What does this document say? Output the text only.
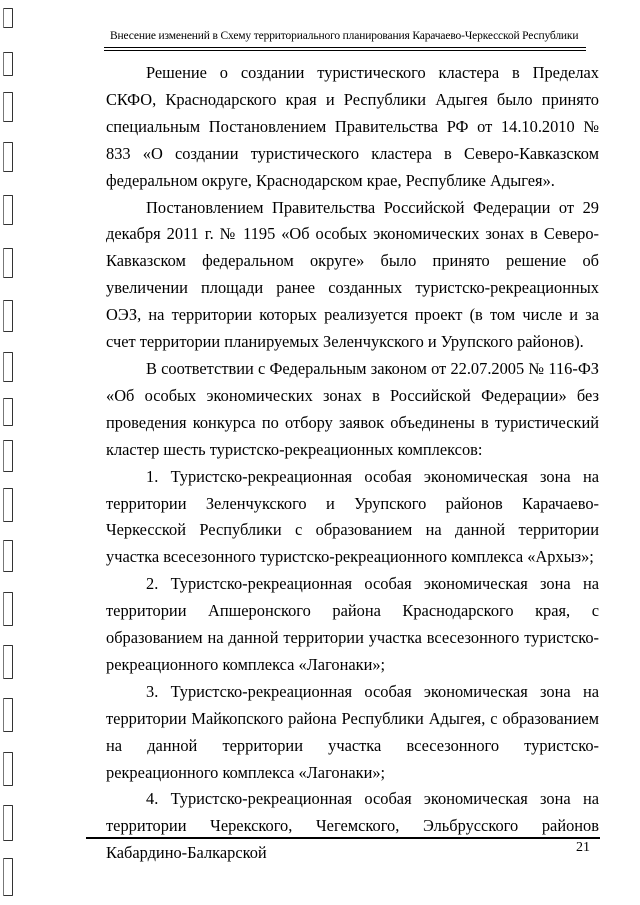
Внесение изменений в Схему территориального планирования Карачаево-Черкесской Республики

Решение о создании туристического кластера в Пределах СКФО, Краснодарского края и Республики Адыгея было принято специальным Постановлением Правительства РФ от 14.10.2010 № 833 «О создании туристического кластера в Северо-Кавказском федеральном округе, Краснодарском крае, Республике Адыгея».

Постановлением Правительства Российской Федерации от 29 декабря 2011 г. № 1195 «Об особых экономических зонах в Северо-Кавказском федеральном округе» было принято решение об увеличении площади ранее созданных туристско-рекреационных ОЭЗ, на территории которых реализуется проект (в том числе и за счет территории планируемых Зеленчукского и Урупского районов).

В соответствии с Федеральным законом от 22.07.2005 № 116-ФЗ «Об особых экономических зонах в Российской Федерации» без проведения конкурса по отбору заявок объединены в туристический кластер шесть туристско-рекреационных комплексов:

1. Туристско-рекреационная особая экономическая зона на территории Зеленчукского и Урупского районов Карачаево-Черкесской Республики с образованием на данной территории участка всесезонного туристско-рекреационного комплекса «Архыз»;

2. Туристско-рекреационная особая экономическая зона на территории Апшеронского района Краснодарского края, с образованием на данной территории участка всесезонного туристско-рекреационного комплекса «Лагонаки»;

3. Туристско-рекреационная особая экономическая зона на территории Майкопского района Республики Адыгея, с образованием на данной территории участка всесезонного туристско-рекреационного комплекса «Лагонаки»;

4. Туристско-рекреационная особая экономическая зона на территории Черекского, Чегемского, Эльбрусского районов Кабардино-Балкарской	21
